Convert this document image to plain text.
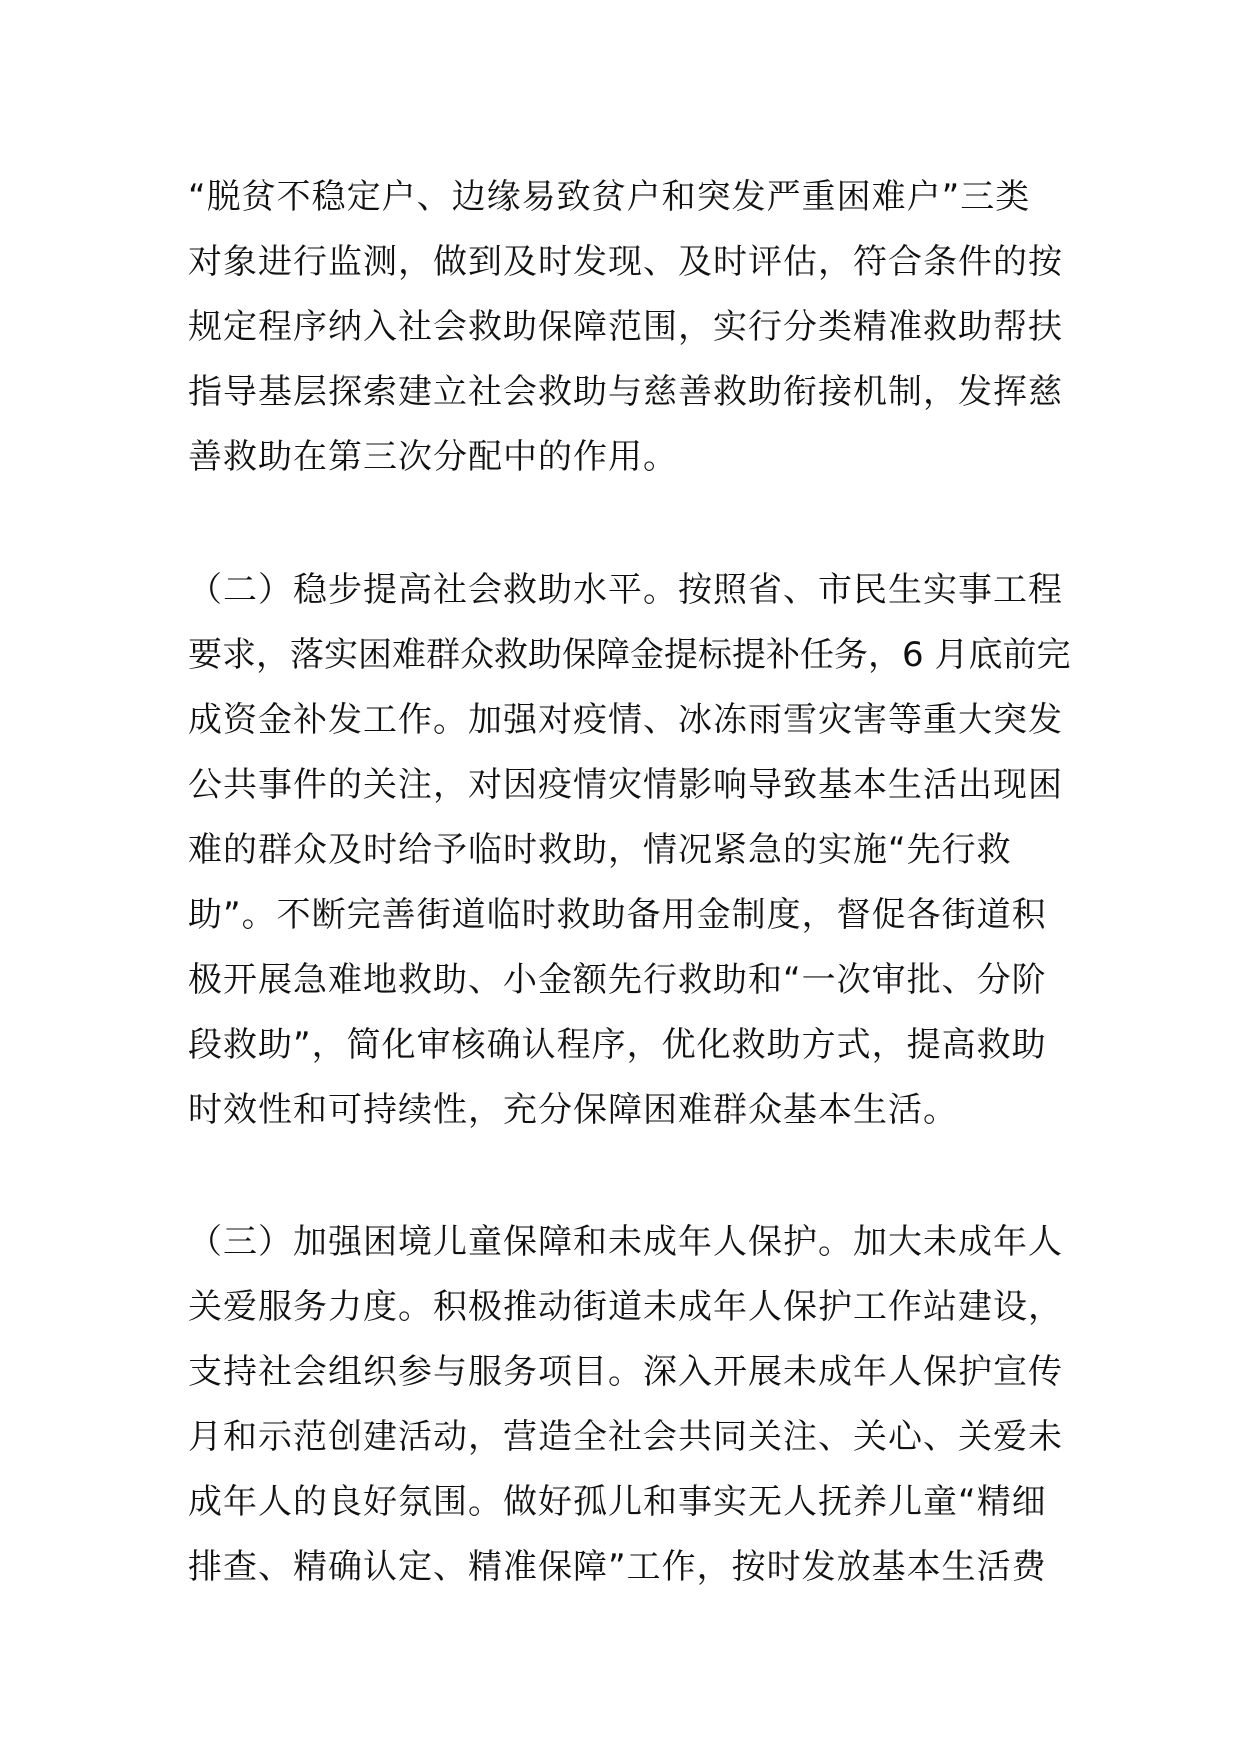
“脱贫不稳定户、边缘易致贫户和突发严重困难户”三类
对象进行监测，做到及时发现、及时评估，符合条件的按
规定程序纳入社会救助保障范围，实行分类精准救助帮扶
指导基层探索建立社会救助与慈善救助衔接机制，发挥慈
善救助在第三次分配中的作用。
（二）稳步提高社会救助水平。按照省、市民生实事工程
要求，落实困难群众救助保障金提标提补任务，6 月底前完
成资金补发工作。加强对疫情、冰冻雨雪灾害等重大突发
公共事件的关注，对因疫情灾情影响导致基本生活出现困
难的群众及时给予临时救助，情况紧急的实施“先行救
助”。不断完善街道临时救助备用金制度，督促各街道积
极开展急难地救助、小金额先行救助和“一次审批、分阶
段救助”，简化审核确认程序，优化救助方式，提高救助
时效性和可持续性，充分保障困难群众基本生活。
（三）加强困境儿童保障和未成年人保护。加大未成年人
关爱服务力度。积极推动街道未成年人保护工作站建设，
支持社会组织参与服务项目。深入开展未成年人保护宣传
月和示范创建活动，营造全社会共同关注、关心、关爱未
成年人的良好氛围。做好孤儿和事实无人抚养儿童“精细
排查、精确认定、精准保障”工作，按时发放基本生活费
